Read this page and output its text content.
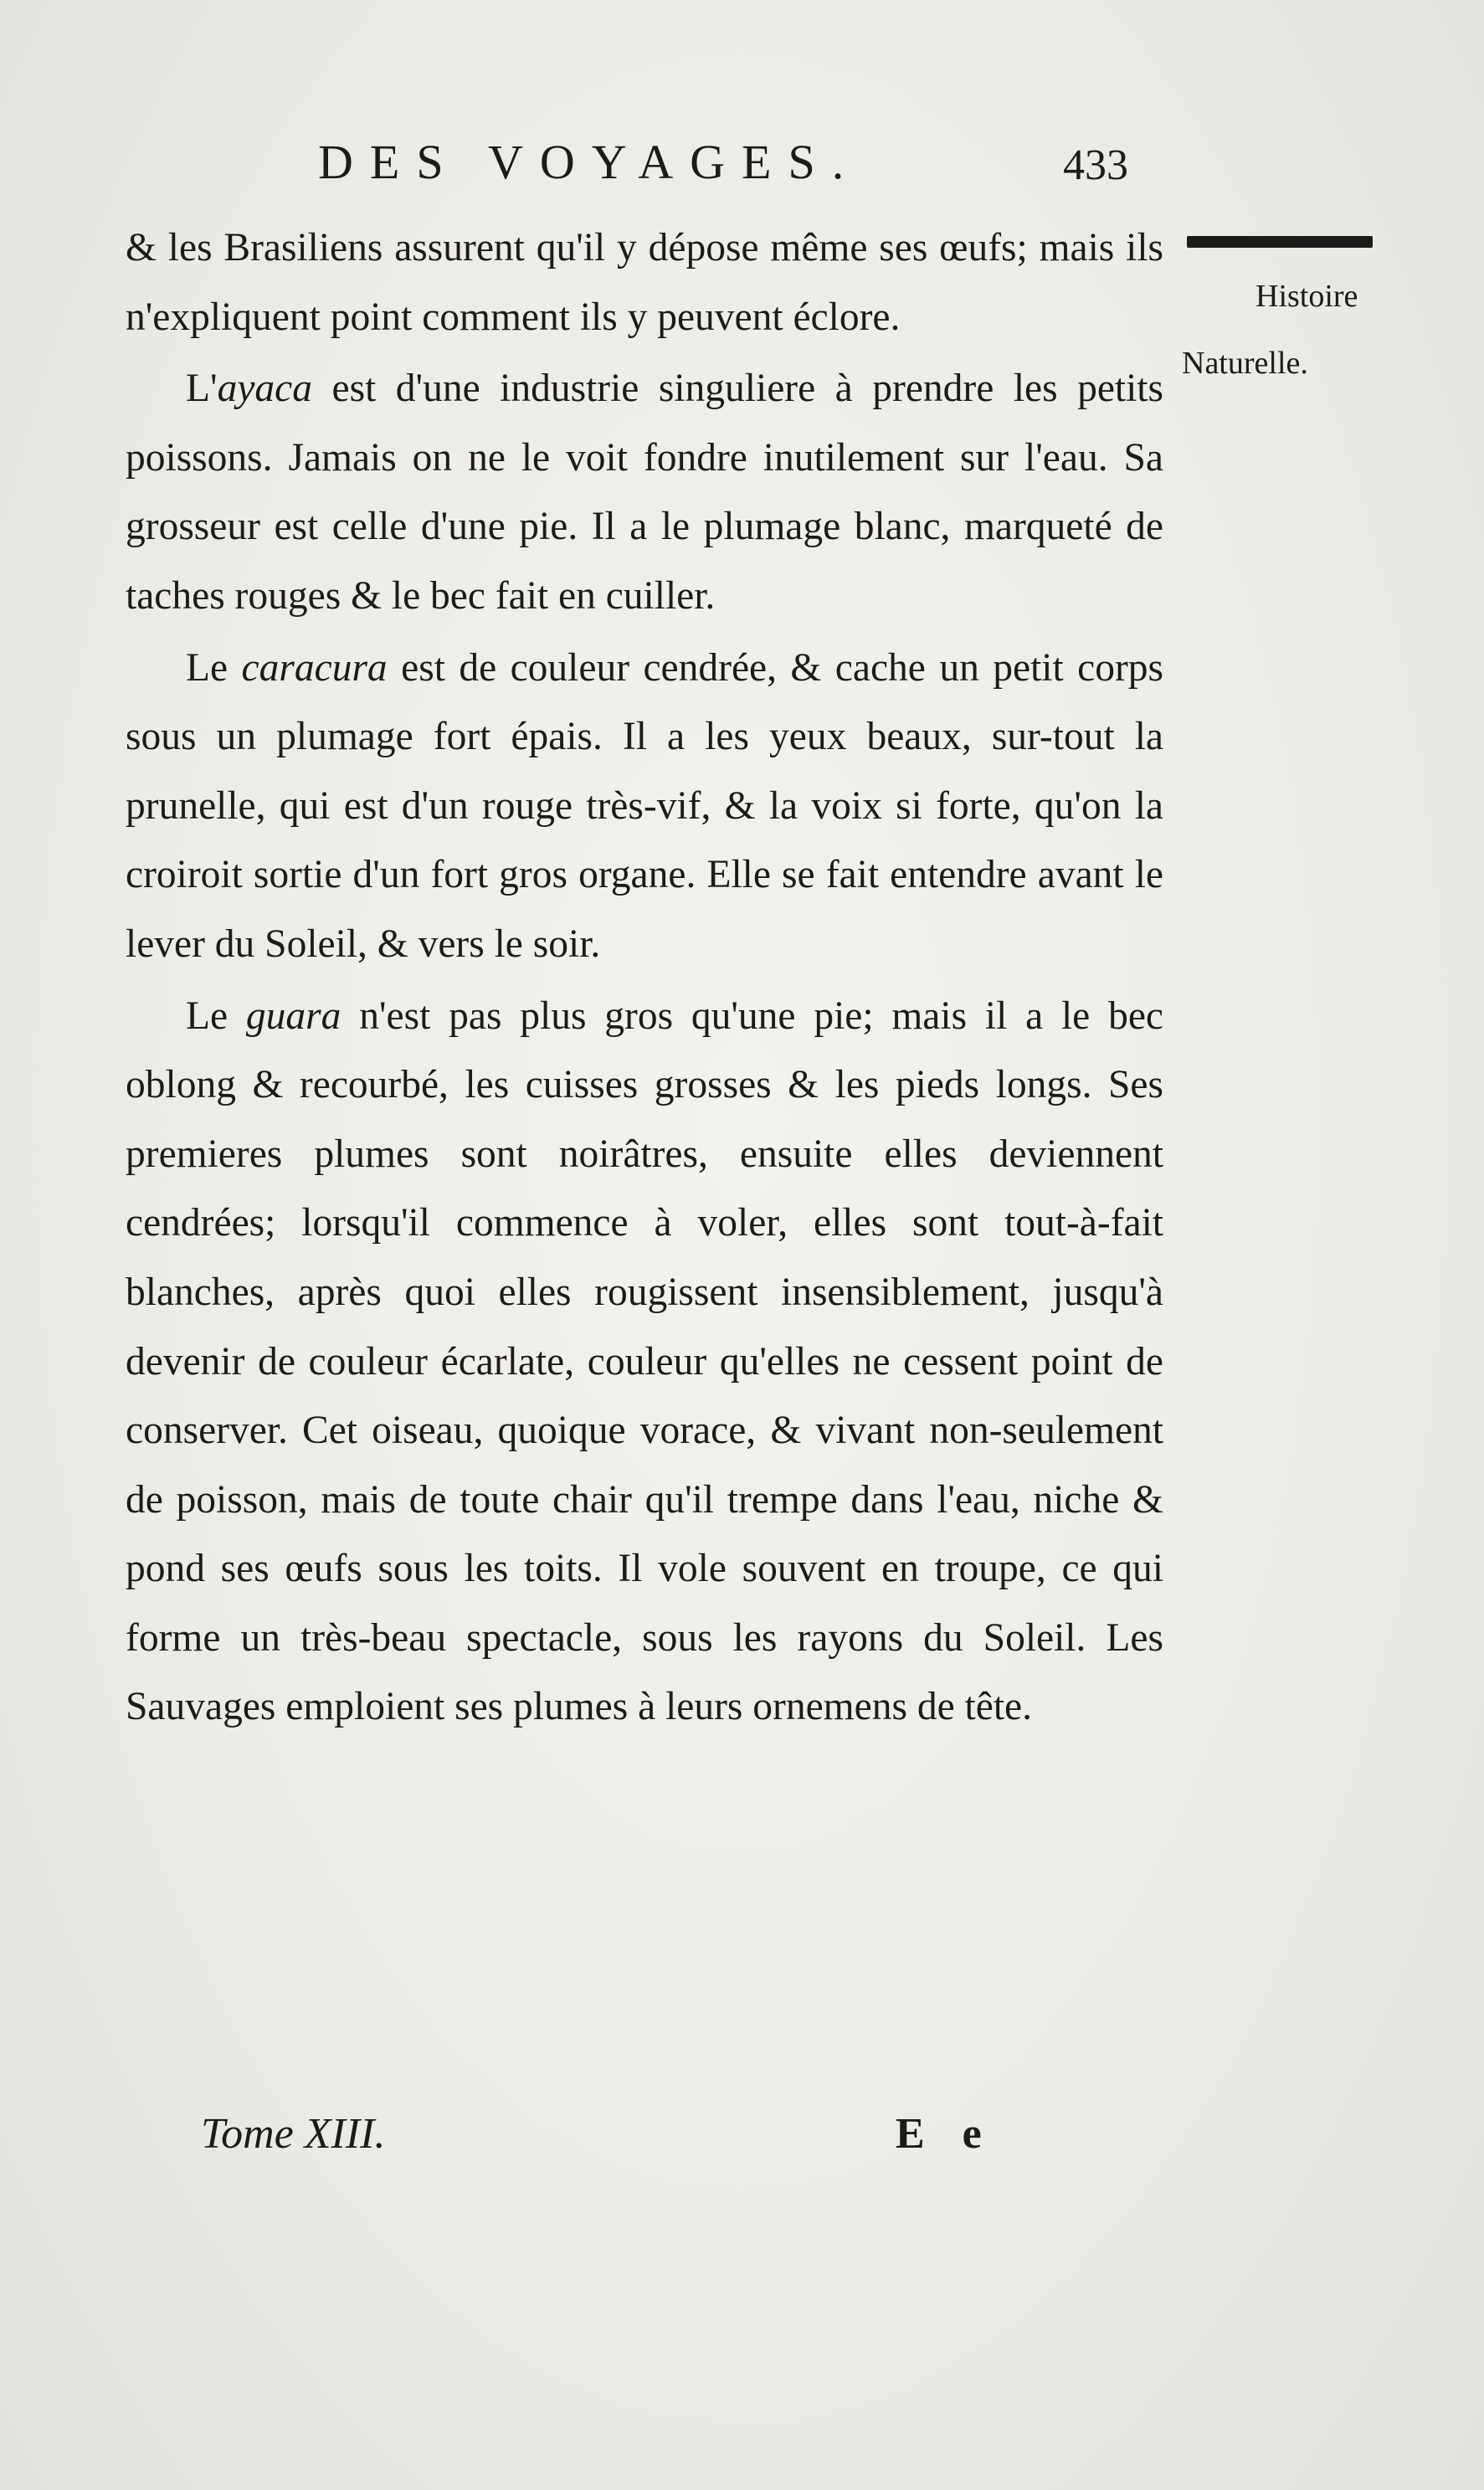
DES VOYAGES.	433
Histoire
Naturelle.

& les Brasiliens assurent qu'il y dépose même ses œufs; mais ils n'expliquent point comment ils y peuvent éclore.

L'ayaca est d'une industrie singuliere à prendre les petits poissons. Jamais on ne le voit fondre inutilement sur l'eau. Sa grosseur est celle d'une pie. Il a le plumage blanc, marqueté de taches rouges & le bec fait en cuiller.

Le caracura est de couleur cendrée, & cache un petit corps sous un plumage fort épais. Il a les yeux beaux, sur-tout la prunelle, qui est d'un rouge très-vif, & la voix si forte, qu'on la croiroit sortie d'un fort gros organe. Elle se fait entendre avant le lever du Soleil, & vers le soir.

Le guara n'est pas plus gros qu'une pie; mais il a le bec oblong & recourbé, les cuisses grosses & les pieds longs. Ses premieres plumes sont noirâtres, ensuite elles deviennent cendrées; lorsqu'il commence à voler, elles sont tout-à-fait blanches, après quoi elles rougissent insensiblement, jusqu'à devenir de couleur écarlate, couleur qu'elles ne cessent point de conserver. Cet oiseau, quoique vorace, & vivant non-seulement de poisson, mais de toute chair qu'il trempe dans l'eau, niche & pond ses œufs sous les toits. Il vole souvent en troupe, ce qui forme un très-beau spectacle, sous les rayons du Soleil. Les Sauvages emploient ses plumes à leurs ornemens de tête.

Tome XIII.	E e
